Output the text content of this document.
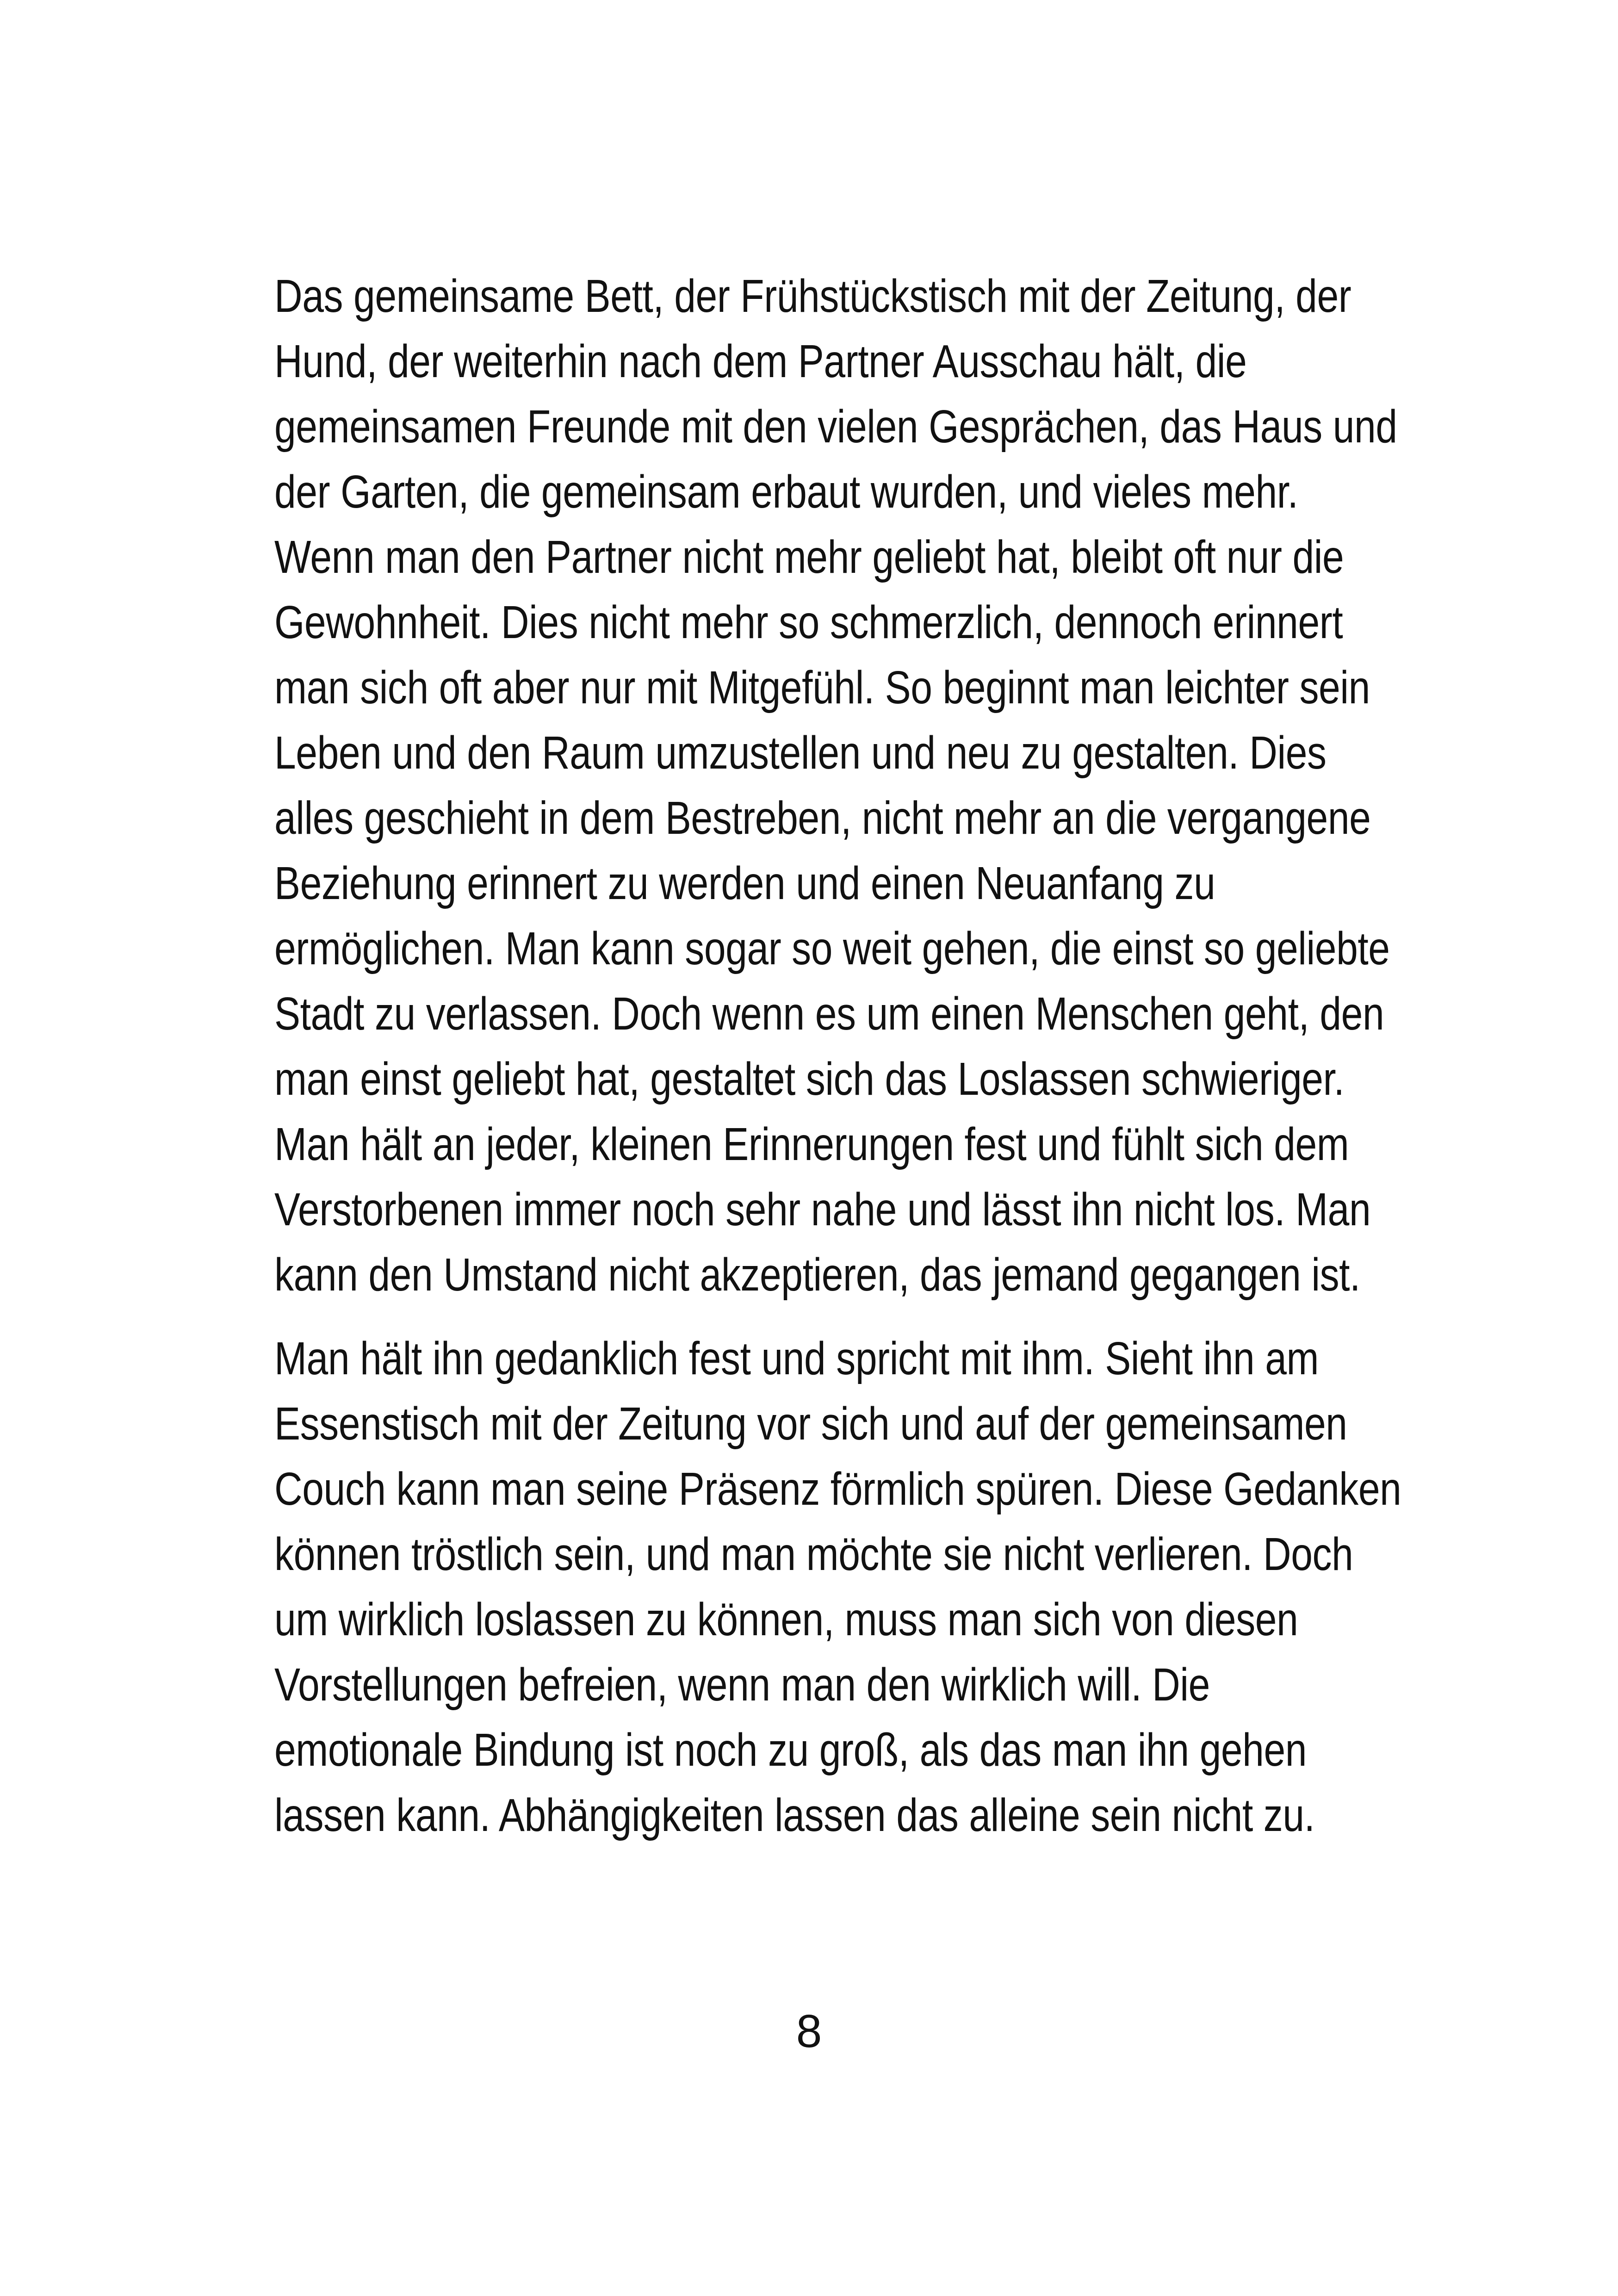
Das gemeinsame Bett, der Frühstückstisch mit der Zeitung, der
Hund, der weiterhin nach dem Partner Ausschau hält, die
gemeinsamen Freunde mit den vielen Gesprächen, das Haus und
der Garten, die gemeinsam erbaut wurden, und vieles mehr.
Wenn man den Partner nicht mehr geliebt hat, bleibt oft nur die
Gewohnheit. Dies nicht mehr so schmerzlich, dennoch erinnert
man sich oft aber nur mit Mitgefühl. So beginnt man leichter sein
Leben und den Raum umzustellen und neu zu gestalten. Dies
alles geschieht in dem Bestreben, nicht mehr an die vergangene
Beziehung erinnert zu werden und einen Neuanfang zu
ermöglichen. Man kann sogar so weit gehen, die einst so geliebte
Stadt zu verlassen. Doch wenn es um einen Menschen geht, den
man einst geliebt hat, gestaltet sich das Loslassen schwieriger.
Man hält an jeder, kleinen Erinnerungen fest und fühlt sich dem
Verstorbenen immer noch sehr nahe und lässt ihn nicht los. Man
kann den Umstand nicht akzeptieren, das jemand gegangen ist.

Man hält ihn gedanklich fest und spricht mit ihm. Sieht ihn am
Essenstisch mit der Zeitung vor sich und auf der gemeinsamen
Couch kann man seine Präsenz förmlich spüren. Diese Gedanken
können tröstlich sein, und man möchte sie nicht verlieren. Doch
um wirklich loslassen zu können, muss man sich von diesen
Vorstellungen befreien, wenn man den wirklich will. Die
emotionale Bindung ist noch zu groß, als das man ihn gehen
lassen kann. Abhängigkeiten lassen das alleine sein nicht zu.

8
